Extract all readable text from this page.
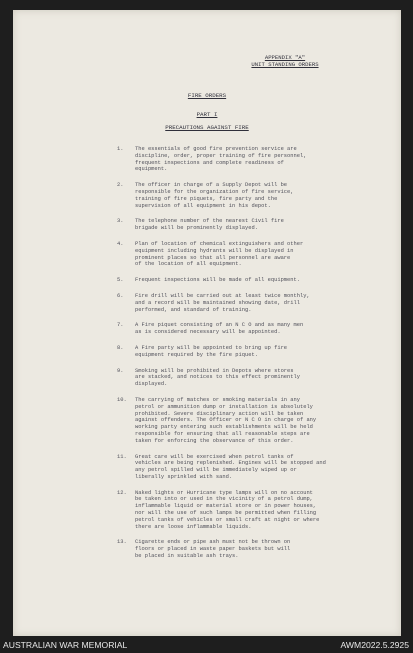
APPENDIX "A"
UNIT STANDING ORDERS
FIRE ORDERS
PART I
PRECAUTIONS AGAINST FIRE
1.	The essentials of good fire prevention service are
discipline, order, proper training of fire personnel,
frequent inspections and complete readiness of
equipment.
2.	The officer in charge of a Supply Depot will be
responsible for the organization of fire service,
training of fire piquets, fire party and the
supervision of all equipment in his depot.
3.	The telephone number of the nearest Civil fire
brigade will be prominently displayed.
4.	Plan of location of chemical extinguishers and other
equipment including hydrants will be displayed in
prominent places so that all personnel are aware
of the location of all equipment.
5.	Frequent inspections will be made of all equipment.
6.	Fire drill will be carried out at least twice monthly,
and a record will be maintained showing date, drill
performed, and standard of training.
7.	A Fire piquet consisting of an N C O and as many men
as is considered necessary will be appointed.
8.	A Fire party will be appointed to bring up fire
equipment required by the fire piquet.
9.	Smoking will be prohibited in Depots where stores
are stacked, and notices to this effect prominently
displayed.
10.	The carrying of matches or smoking materials in any
petrol or ammunition dump or installation is absolutely
prohibited. Severe disciplinary action will be taken
against offenders. The Officer or N C O in charge of any
working party entering such establishments will be held
responsible for ensuring that all reasonable steps are
taken for enforcing the observance of this order.
11.	Great care will be exercised when petrol tanks of
vehicles are being replenished. Engines will be stopped and
any petrol spilled will be immediately wiped up or
liberally sprinkled with sand.
12.	Naked lights or Hurricane type lamps will on no account
be taken into or used in the vicinity of a petrol dump,
inflammable liquid or material store or in power houses,
nor will the use of such lamps be permitted when filling
petrol tanks of vehicles or small craft at night or where
there are loose inflammable liquids.
13.	Cigarette ends or pipe ash must not be thrown on
floors or placed in waste paper baskets but will
be placed in suitable ash trays.
AUSTRALIAN WAR MEMORIAL	AWM2022.5.2925
